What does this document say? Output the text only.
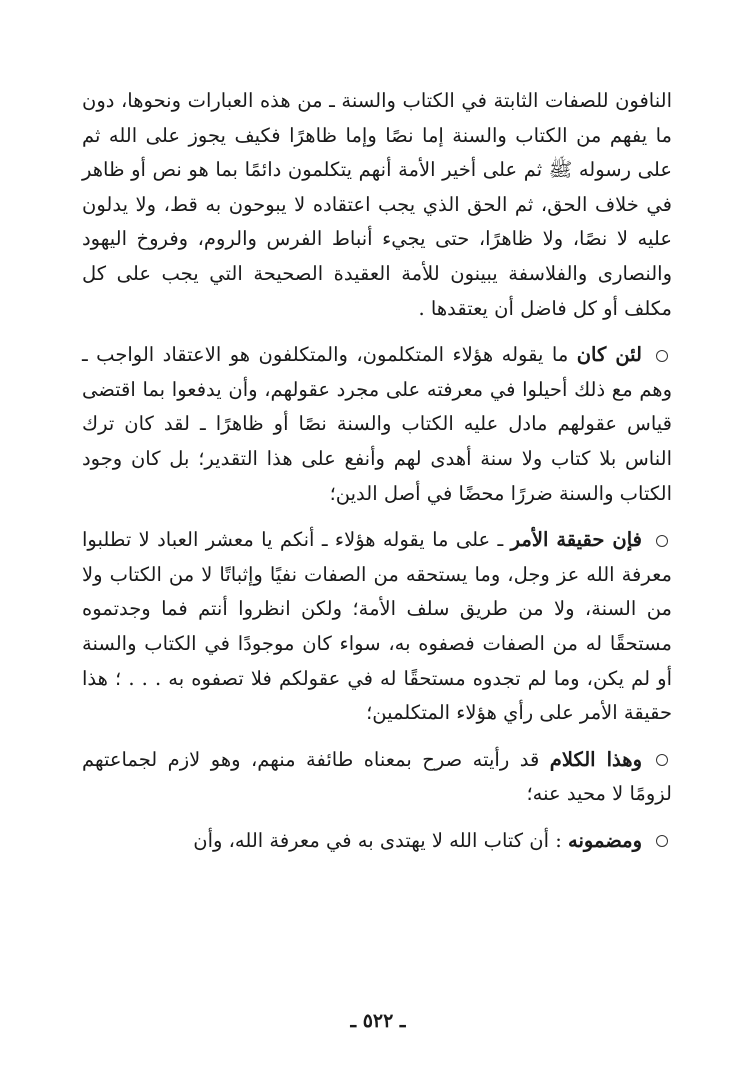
النافون للصفات الثابتة في الكتاب والسنة ـ من هذه العبارات ونحوها، دون ما يفهم من الكتاب والسنة إما نصًا وإما ظاهرًا فكيف يجوز على الله ثم على رسوله ﷺ ثم على أخير الأمة أنهم يتكلمون دائمًا بما هو نص أو ظاهر في خلاف الحق، ثم الحق الذي يجب اعتقاده لا يبوحون به قط، ولا يدلون عليه لا نصًا، ولا ظاهرًا، حتى يجيء أنباط الفرس والروم، وفروخ اليهود والنصارى والفلاسفة يبينون للأمة العقيدة الصحيحة التي يجب على كل مكلف أو كل فاضل أن يعتقدها .

لئن كان ما يقوله هؤلاء المتكلمون، والمتكلفون هو الاعتقاد الواجب ـ وهم مع ذلك أحيلوا في معرفته على مجرد عقولهم، وأن يدفعوا بما اقتضى قياس عقولهم مادل عليه الكتاب والسنة نصًا أو ظاهرًا ـ لقد كان ترك الناس بلا كتاب ولا سنة أهدى لهم وأنفع على هذا التقدير؛ بل كان وجود الكتاب والسنة ضررًا محضًا في أصل الدين؛

فإن حقيقة الأمر ـ على ما يقوله هؤلاء ـ أنكم يا معشر العباد لا تطلبوا معرفة الله عز وجل، وما يستحقه من الصفات نفيًا وإثباتًا لا من الكتاب ولا من السنة، ولا من طريق سلف الأمة؛ ولكن انظروا أنتم فما وجدتموه مستحقًا له من الصفات فصفوه به، سواء كان موجودًا في الكتاب والسنة أو لم يكن، وما لم تجدوه مستحقًا له في عقولكم فلا تصفوه به . . . ؛ هذا حقيقة الأمر على رأي هؤلاء المتكلمين؛

وهذا الكلام قد رأيته صرح بمعناه طائفة منهم، وهو لازم لجماعتهم لزومًا لا محيد عنه؛

ومضمونه : أن كتاب الله لا يهتدى به في معرفة الله، وأن

ـ ٥٢٢ ـ
